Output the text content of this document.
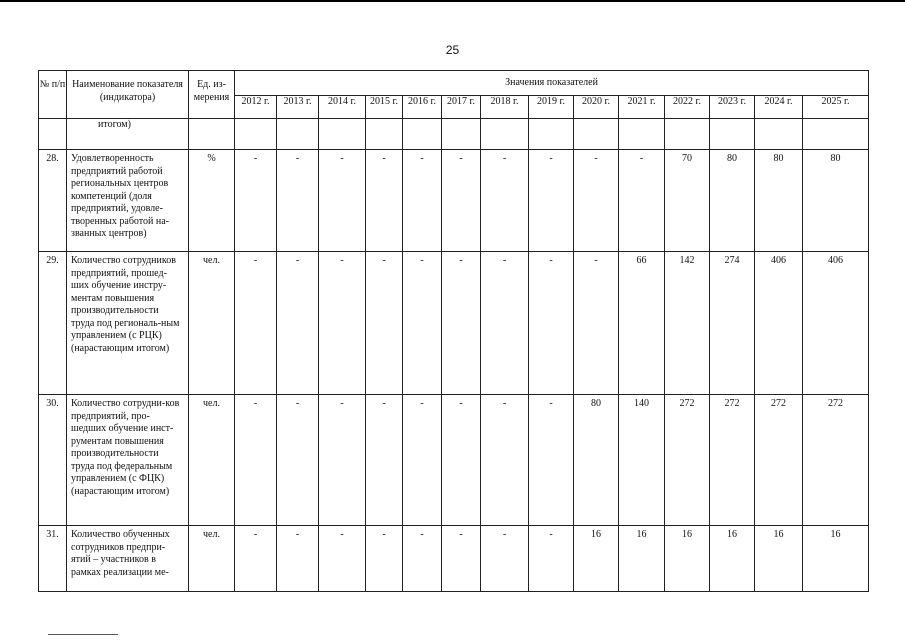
25
№ п/п	Наименование показателя (индикатора)	Ед. из-мерения	Значения показателей													
			2012 г.	2013 г.	2014 г.	2015 г.	2016 г.	2017 г.	2018 г.	2019 г.	2020 г.	2021 г.	2022 г.	2023 г.	2024 г.	2025 г.
	итогом)															
28.	Удовлетворенность предприятий работой региональных центров компетенций (доля предприятий, удовле-творенных работой на-званных центров)	%	-	-	-	-	-	-	-	-	-	-	70	80	80	80
29.	Количество сотрудников предприятий, прошед-ших обучение инстру-ментам повышения производительности труда под региональ-ным управлением (с РЦК) (нарастающим итогом)	чел.	-	-	-	-	-	-	-	-	-	66	142	274	406	406
30.	Количество сотрудни-ков предприятий, про-шедших обучение инст-рументам повышения производительности труда под федеральным управлением (с ФЦК) (нарастающим итогом)	чел.	-	-	-	-	-	-	-	-	80	140	272	272	272	272
31.	Количество обученных сотрудников предпри-ятий – участников в рамках реализации ме-	чел.	-	-	-	-	-	-	-	-	16	16	16	16	16	16
